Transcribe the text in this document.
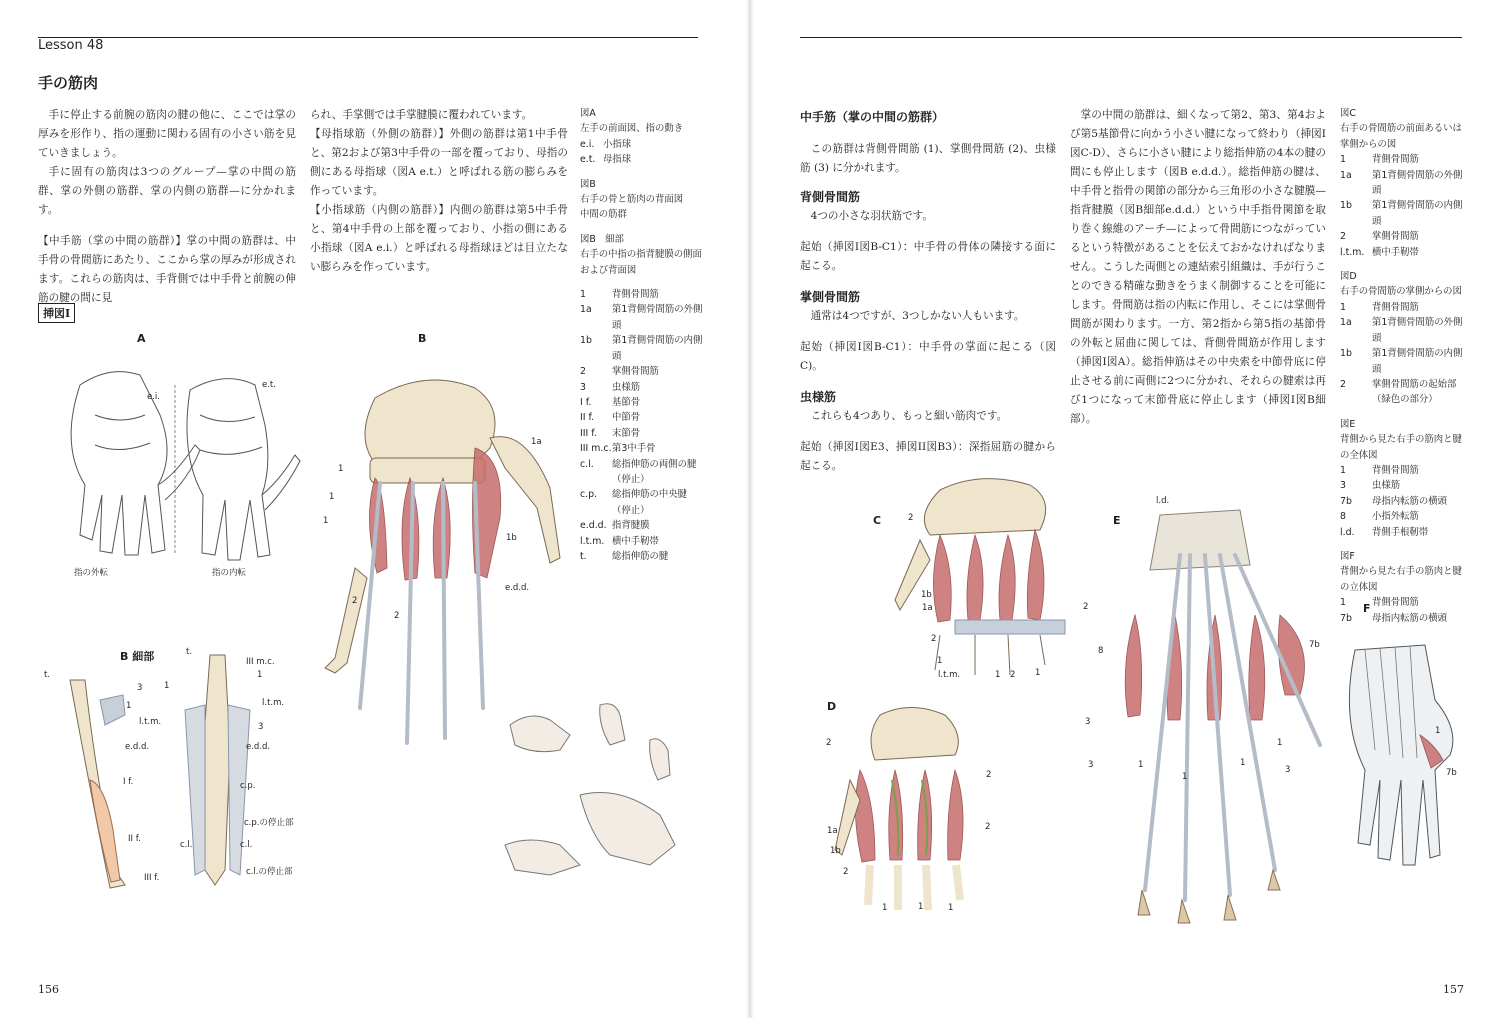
Lesson 48
手の筋肉

手に停止する前腕の筋肉の腱の他に、ここでは掌の厚みを形作り、指の運動に関わる固有の小さい筋を見ていきましょう。

手に固有の筋肉は3つのグループ—掌の中間の筋群、掌の外側の筋群、掌の内側の筋群—に分かれます。

【中手筋（掌の中間の筋群）】掌の中間の筋群は、中手骨の骨間筋にあたり、ここから掌の厚みが形成されます。これらの筋肉は、手背側では中手骨と前腕の伸筋の腱の間に見

られ、手掌側では手掌腱膜に覆われています。

【母指球筋（外側の筋群）】外側の筋群は第1中手骨と、第2および第3中手骨の一部を覆っており、母指の側にある母指球（図A e.t.）と呼ばれる筋の膨らみを作っています。

【小指球筋（内側の筋群）】内側の筋群は第5中手骨と、第4中手骨の上部を覆っており、小指の側にある小指球（図A e.i.）と呼ばれる母指球ほどは目立たない膨らみを作っています。

図A
左手の前面図、指の動き
e.i.	小指球
e.t.	母指球
図B
右手の骨と筋肉の背面図
中間の筋群
図B　細部
右手の中指の指背腱膜の側面および背面図
1	背側骨間筋
1a	第1背側骨間筋の外側頭
1b	第1背側骨間筋の内側頭
2	掌側骨間筋
3	虫様筋
I f.	基節骨
II f.	中節骨
III f.	末節骨
III m.c.	第3中手骨
c.l.	総指伸筋の両側の腱（停止）
c.p.	総指伸筋の中央腱（停止）
e.d.d.	指背腱膜
l.t.m.	横中手靭帯
t.	総指伸筋の腱
挿図I
A
e.i.
e.t.
指の外転	指の内転
B
1
1
1
1a
1b
2
2
e.d.d.
B 細部
t.
3
1
l.t.m.
e.d.d.
I f.
II f.
III f.
t.
1
III m.c.
1
l.t.m.
3
e.d.d.
c.p.
c.p.の停止部
c.l.	c.l.
c.l.の停止部
156
中手筋（掌の中間の筋群）

この筋群は背側骨間筋 (1)、掌側骨間筋 (2)、虫様筋 (3) に分かれます。

背側骨間筋

4つの小さな羽状筋です。

起始（挿図I図B-C1）：中手骨の骨体の隣接する面に起こる。

掌側骨間筋

通常は4つですが、3つしかない人もいます。

起始（挿図I図B-C1）：中手骨の掌面に起こる（図C)。

虫様筋

これらも4つあり、もっと細い筋肉です。

起始（挿図I図E3、挿図II図B3）：深指屈筋の腱から起こる。

掌の中間の筋群は、細くなって第2、第3、第4および第5基節骨に向かう小さい腱になって終わり（挿図I図C-D）、さらに小さい腱により総指伸筋の4本の腱の間にも停止します（図B e.d.d.）。総指伸筋の腱は、中手骨と指骨の関節の部分から三角形の小さな腱膜—指背腱膜（図B細部e.d.d.）という中手指骨関節を取り巻く線維のアーチ—によって骨間筋につながっているという特徴があることを伝えておかなければなりません。こうした両側との連結索引組織は、手が行うことのできる精確な動きをうまく制御することを可能にします。骨間筋は指の内転に作用し、そこには掌側骨間筋が関わります。一方、第2指から第5指の基節骨の外転と屈曲に関しては、背側骨間筋が作用します（挿図I図A）。総指伸筋はその中央索を中節骨底に停止させる前に両側に2つに分かれ、それらの腱索は再び1つになって末節骨底に停止します（挿図I図B細部）。

図C
右手の骨間筋の前面あるいは掌側からの図
1	背側骨間筋
1a	第1背側骨間筋の外側頭
1b	第1背側骨間筋の内側頭
2	掌側骨間筋
l.t.m.	横中手靭帯
図D
右手の骨間筋の掌側からの図
1	背側骨間筋
1a	第1背側骨間筋の外側頭
1b	第1背側骨間筋の内側頭
2	掌側骨間筋の起始部（緑色の部分）
図E
背側から見た右手の筋肉と腱の全体図
1	背側骨間筋
3	虫様筋
7b	母指内転筋の横頭
8	小指外転筋
l.d.	背側手根靭帯
図F
背側から見た右手の筋肉と腱の立体図
1	背側骨間筋
7b	母指内転筋の横頭
C	2
1b
1a
2
1
l.t.m.	1 2 1
2
D
2
1a
1b
2
2
2
1	1	1
E
l.d.
8
3
3	1
1
1
3
1
7b
F
1
7b
157
